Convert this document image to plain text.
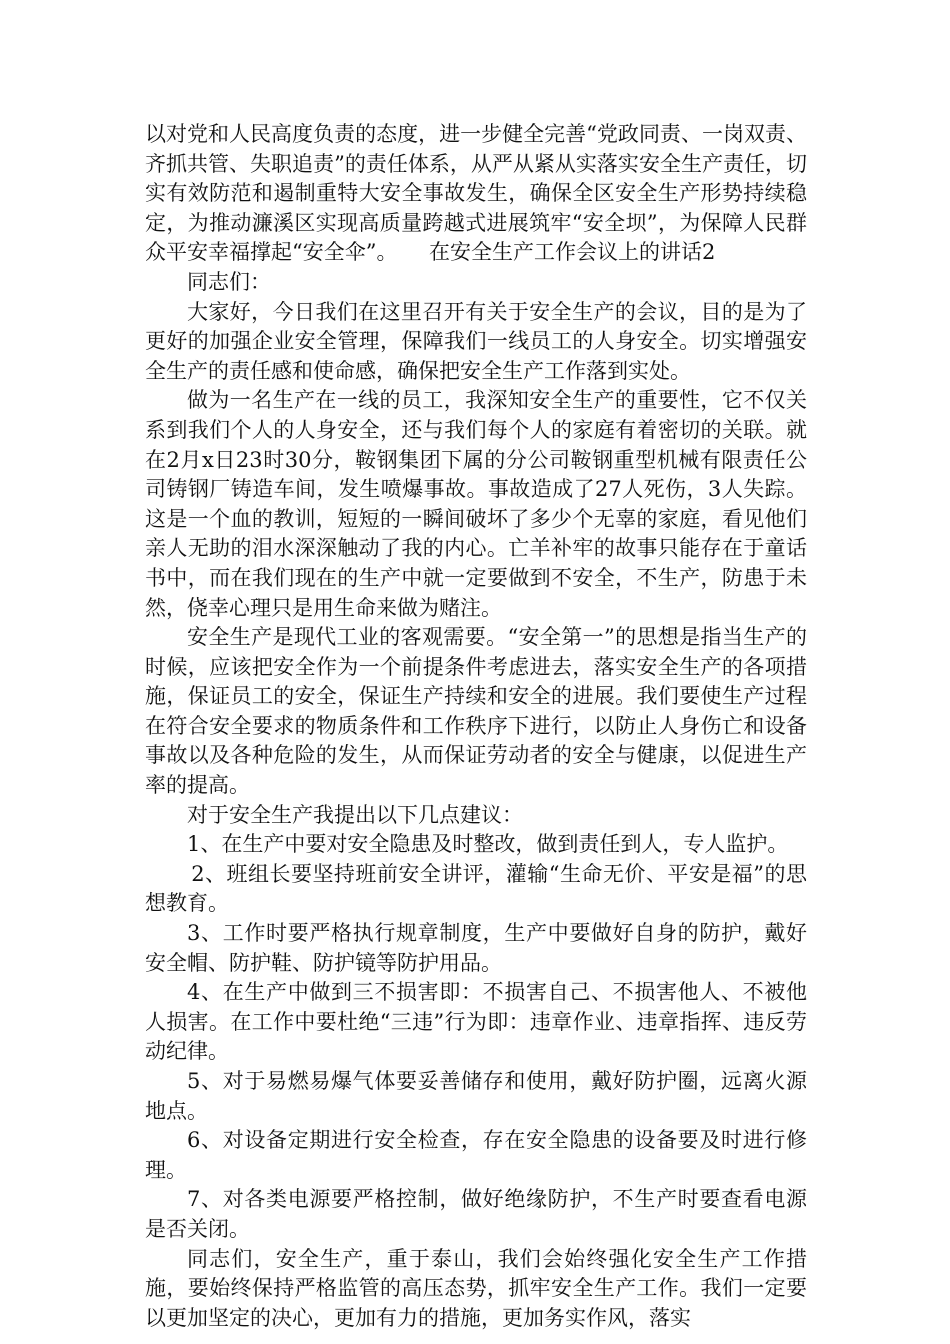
以对党和人民高度负责的态度，进一步健全完善“党政同责、一岗双责、齐抓共管、失职追责”的责任体系，从严从紧从实落实安全生产责任，切实有效防范和遏制重特大安全事故发生，确保全区安全生产形势持续稳定，为推动濂溪区实现高质量跨越式进展筑牢“安全坝”，为保障人民群众平安幸福撑起“安全伞”。　　在安全生产工作会议上的讲话2

同志们：

大家好，今日我们在这里召开有关于安全生产的会议，目的是为了更好的加强企业安全管理，保障我们一线员工的人身安全。切实增强安全生产的责任感和使命感，确保把安全生产工作落到实处。

做为一名生产在一线的员工，我深知安全生产的重要性，它不仅关系到我们个人的人身安全，还与我们每个人的家庭有着密切的关联。就在2月x日23时30分，鞍钢集团下属的分公司鞍钢重型机械有限责任公司铸钢厂铸造车间，发生喷爆事故。事故造成了27人死伤，3人失踪。这是一个血的教训，短短的一瞬间破坏了多少个无辜的家庭，看见他们亲人无助的泪水深深触动了我的内心。亡羊补牢的故事只能存在于童话书中，而在我们现在的生产中就一定要做到不安全，不生产，防患于未然，侥幸心理只是用生命来做为赌注。

安全生产是现代工业的客观需要。“安全第一”的思想是指当生产的时候，应该把安全作为一个前提条件考虑进去，落实安全生产的各项措施，保证员工的安全，保证生产持续和安全的进展。我们要使生产过程在符合安全要求的物质条件和工作秩序下进行，以防止人身伤亡和设备事故以及各种危险的发生，从而保证劳动者的安全与健康，以促进生产率的提高。

对于安全生产我提出以下几点建议：

1、在生产中要对安全隐患及时整改，做到责任到人，专人监护。

2、班组长要坚持班前安全讲评，灌输“生命无价、平安是福”的思想教育。

3、工作时要严格执行规章制度，生产中要做好自身的防护，戴好安全帽、防护鞋、防护镜等防护用品。

4、在生产中做到三不损害即：不损害自己、不损害他人、不被他人损害。在工作中要杜绝“三违”行为即：违章作业、违章指挥、违反劳动纪律。

5、对于易燃易爆气体要妥善储存和使用，戴好防护圈，远离火源地点。

6、对设备定期进行安全检查，存在安全隐患的设备要及时进行修理。

7、对各类电源要严格控制，做好绝缘防护，不生产时要查看电源是否关闭。

同志们，安全生产，重于泰山，我们会始终强化安全生产工作措施，要始终保持严格监管的高压态势，抓牢安全生产工作。我们一定要以更加坚定的决心，更加有力的措施，更加务实作风，落实
